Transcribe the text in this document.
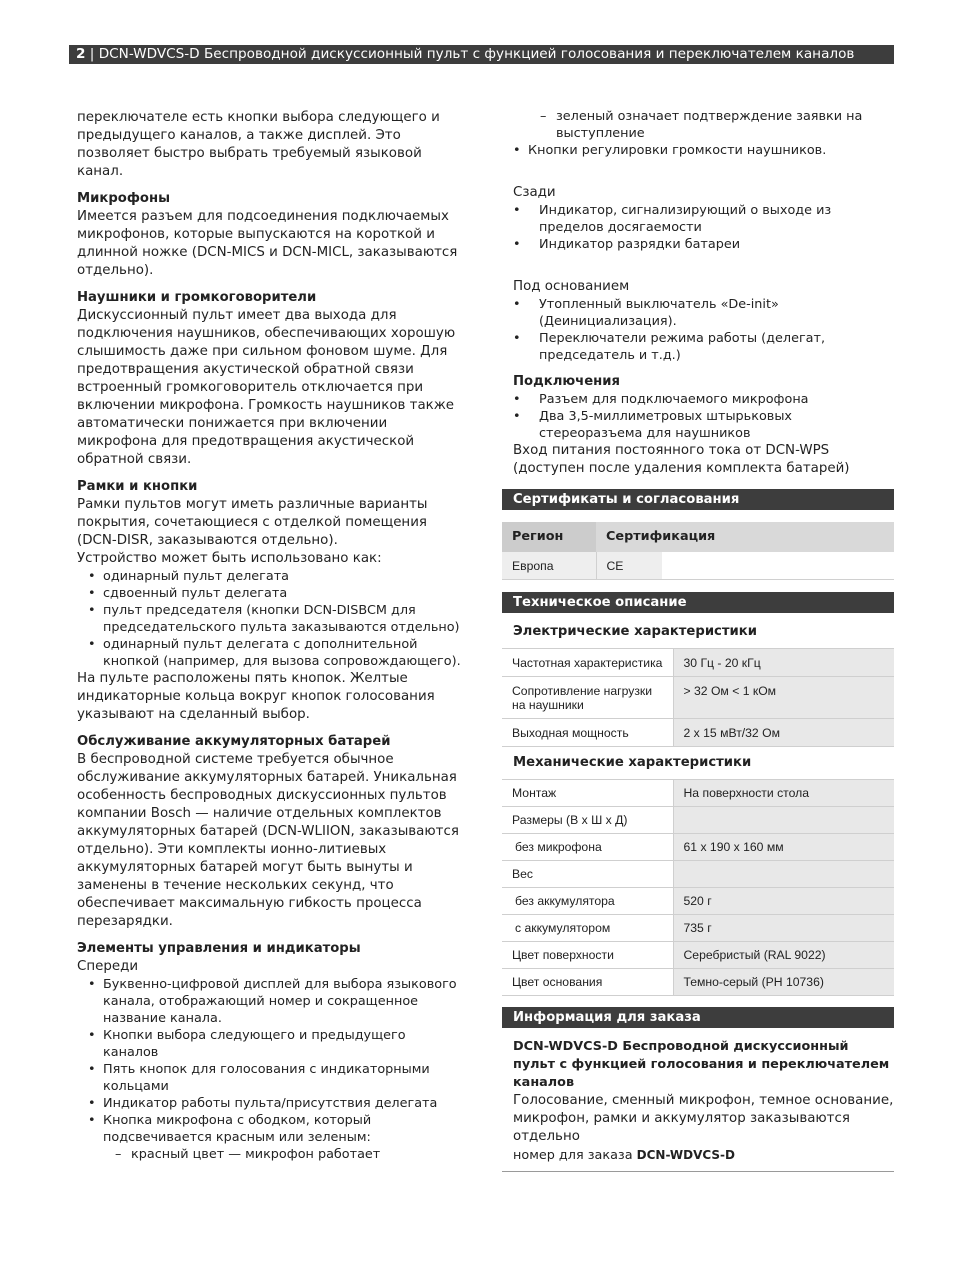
2 | DCN-WDVCS-D Беспроводной дискуссионный пульт с функцией голосования и переключателем каналов

переключателе есть кнопки выбора следующего и предыдущего каналов, а также дисплей. Это позволяет быстро выбрать требуемый языковой канал.

Микрофоны

Имеется разъем для подсоединения подключаемых микрофонов, которые выпускаются на короткой и длинной ножке (DCN-MICS и DCN-MICL, заказываются отдельно).

Наушники и громкоговорители

Дискуссионный пульт имеет два выхода для подключения наушников, обеспечивающих хорошую слышимость даже при сильном фоновом шуме. Для предотвращения акустической обратной связи встроенный громкоговоритель отключается при включении микрофона. Громкость наушников также автоматически понижается при включении микрофона для предотвращения акустической обратной связи.

Рамки и кнопки

Рамки пультов могут иметь различные варианты покрытия, сочетающиеся с отделкой помещения (DCN-DISR, заказываются отдельно).

Устройство может быть использовано как:

• одинарный пульт делегата
• сдвоенный пульт делегата
• пульт председателя (кнопки DCN-DISBCM для председательского пульта заказываются отдельно)
• одинарный пульт делегата с дополнительной кнопкой (например, для вызова сопровождающего).

На пульте расположены пять кнопок. Желтые индикаторные кольца вокруг кнопок голосования указывают на сделанный выбор.

Обслуживание аккумуляторных батарей

В беспроводной системе требуется обычное обслуживание аккумуляторных батарей. Уникальная особенность беспроводных дискуссионных пультов компании Bosch — наличие отдельных комплектов аккумуляторных батарей (DCN-WLIION, заказываются отдельно). Эти комплекты ионно-литиевых аккумуляторных батарей могут быть вынуты и заменены в течение нескольких секунд, что обеспечивает максимальную гибкость процесса перезарядки.

Элементы управления и индикаторы

Спереди

• Буквенно-цифровой дисплей для выбора языкового канала, отображающий номер и сокращенное название канала.
• Кнопки выбора следующего и предыдущего каналов
• Пять кнопок для голосования с индикаторными кольцами
• Индикатор работы пульта/присутствия делегата
• Кнопка микрофона с ободком, который подсвечивается красным или зеленым:
– красный цвет — микрофон работает
– зеленый означает подтверждение заявки на выступление
• Кнопки регулировки громкости наушников.

Сзади

• Индикатор, сигнализирующий о выходе из пределов досягаемости
• Индикатор разрядки батареи

Под основанием

• Утопленный выключатель «De-init» (Деинициализация).
• Переключатели режима работы (делегат, председатель и т.д.)
Подключения
• Разъем для подключаемого микрофона
• Два 3,5-миллиметровых штырьковых стереоразъема для наушников

Вход питания постоянного тока от DCN-WPS (доступен после удаления комплекта батарей)

Сертификаты и согласования
Регион	Сертификация	
Европа	CE	
Техническое описание
Электрические характеристики
Частотная характеристика	30 Гц - 20 кГц
Сопротивление нагрузки на наушники	> 32 Ом < 1 кОм
Выходная мощность	2 x 15 мВт/32 Ом
Механические характеристики
Монтаж	На поверхности стола
Размеры (В х Ш х Д)	
без микрофона	61 x 190 x 160 мм
Вес	
без аккумулятора	520 г
с аккумулятором	735 г
Цвет поверхности	Серебристый (RAL 9022)
Цвет основания	Темно-серый (PH 10736)
Информация для заказа
DCN-WDVCS-D Беспроводной дискуссионный пульт с функцией голосования и переключателем каналов

Голосование, сменный микрофон, темное основание, микрофон, рамки и аккумулятор заказываются отдельно

номер для заказа DCN-WDVCS-D
